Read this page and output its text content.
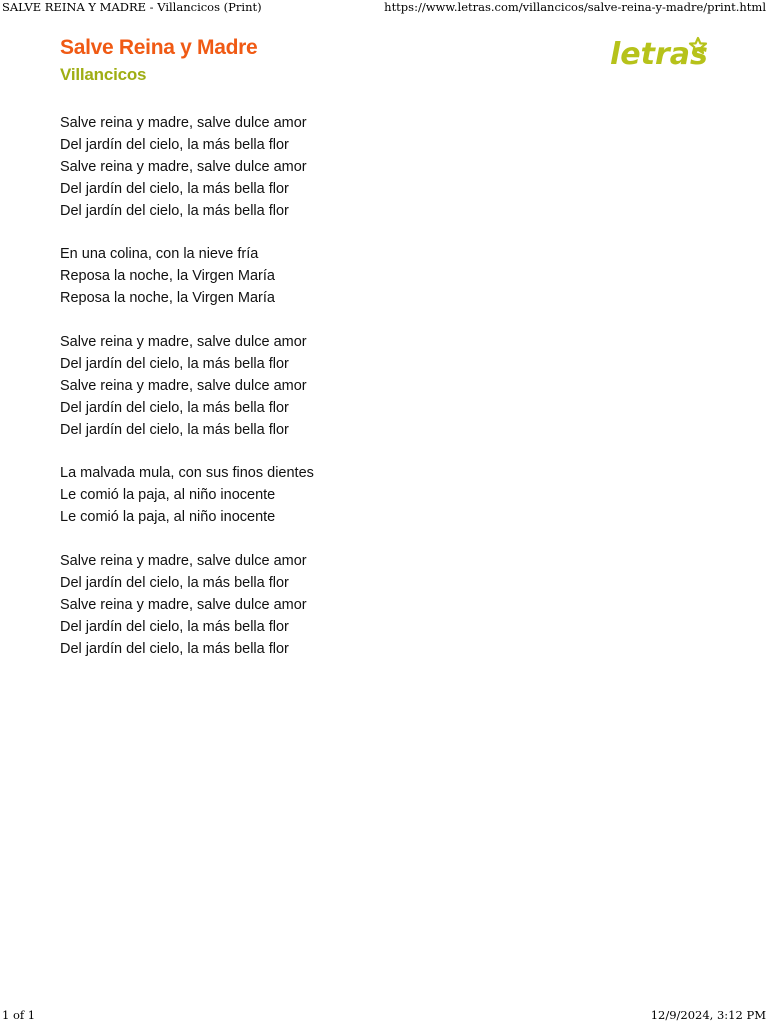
SALVE REINA Y MADRE - Villancicos (Print)	https://www.letras.com/villancicos/salve-reina-y-madre/print.html
Salve Reina y Madre
Villancicos
letras
Salve reina y madre, salve dulce amor
Del jardín del cielo, la más bella flor
Salve reina y madre, salve dulce amor
Del jardín del cielo, la más bella flor
Del jardín del cielo, la más bella flor
En una colina, con la nieve fría
Reposa la noche, la Virgen María
Reposa la noche, la Virgen María
Salve reina y madre, salve dulce amor
Del jardín del cielo, la más bella flor
Salve reina y madre, salve dulce amor
Del jardín del cielo, la más bella flor
Del jardín del cielo, la más bella flor
La malvada mula, con sus finos dientes
Le comió la paja, al niño inocente
Le comió la paja, al niño inocente
Salve reina y madre, salve dulce amor
Del jardín del cielo, la más bella flor
Salve reina y madre, salve dulce amor
Del jardín del cielo, la más bella flor
Del jardín del cielo, la más bella flor
1 of 1	12/9/2024, 3:12 PM
